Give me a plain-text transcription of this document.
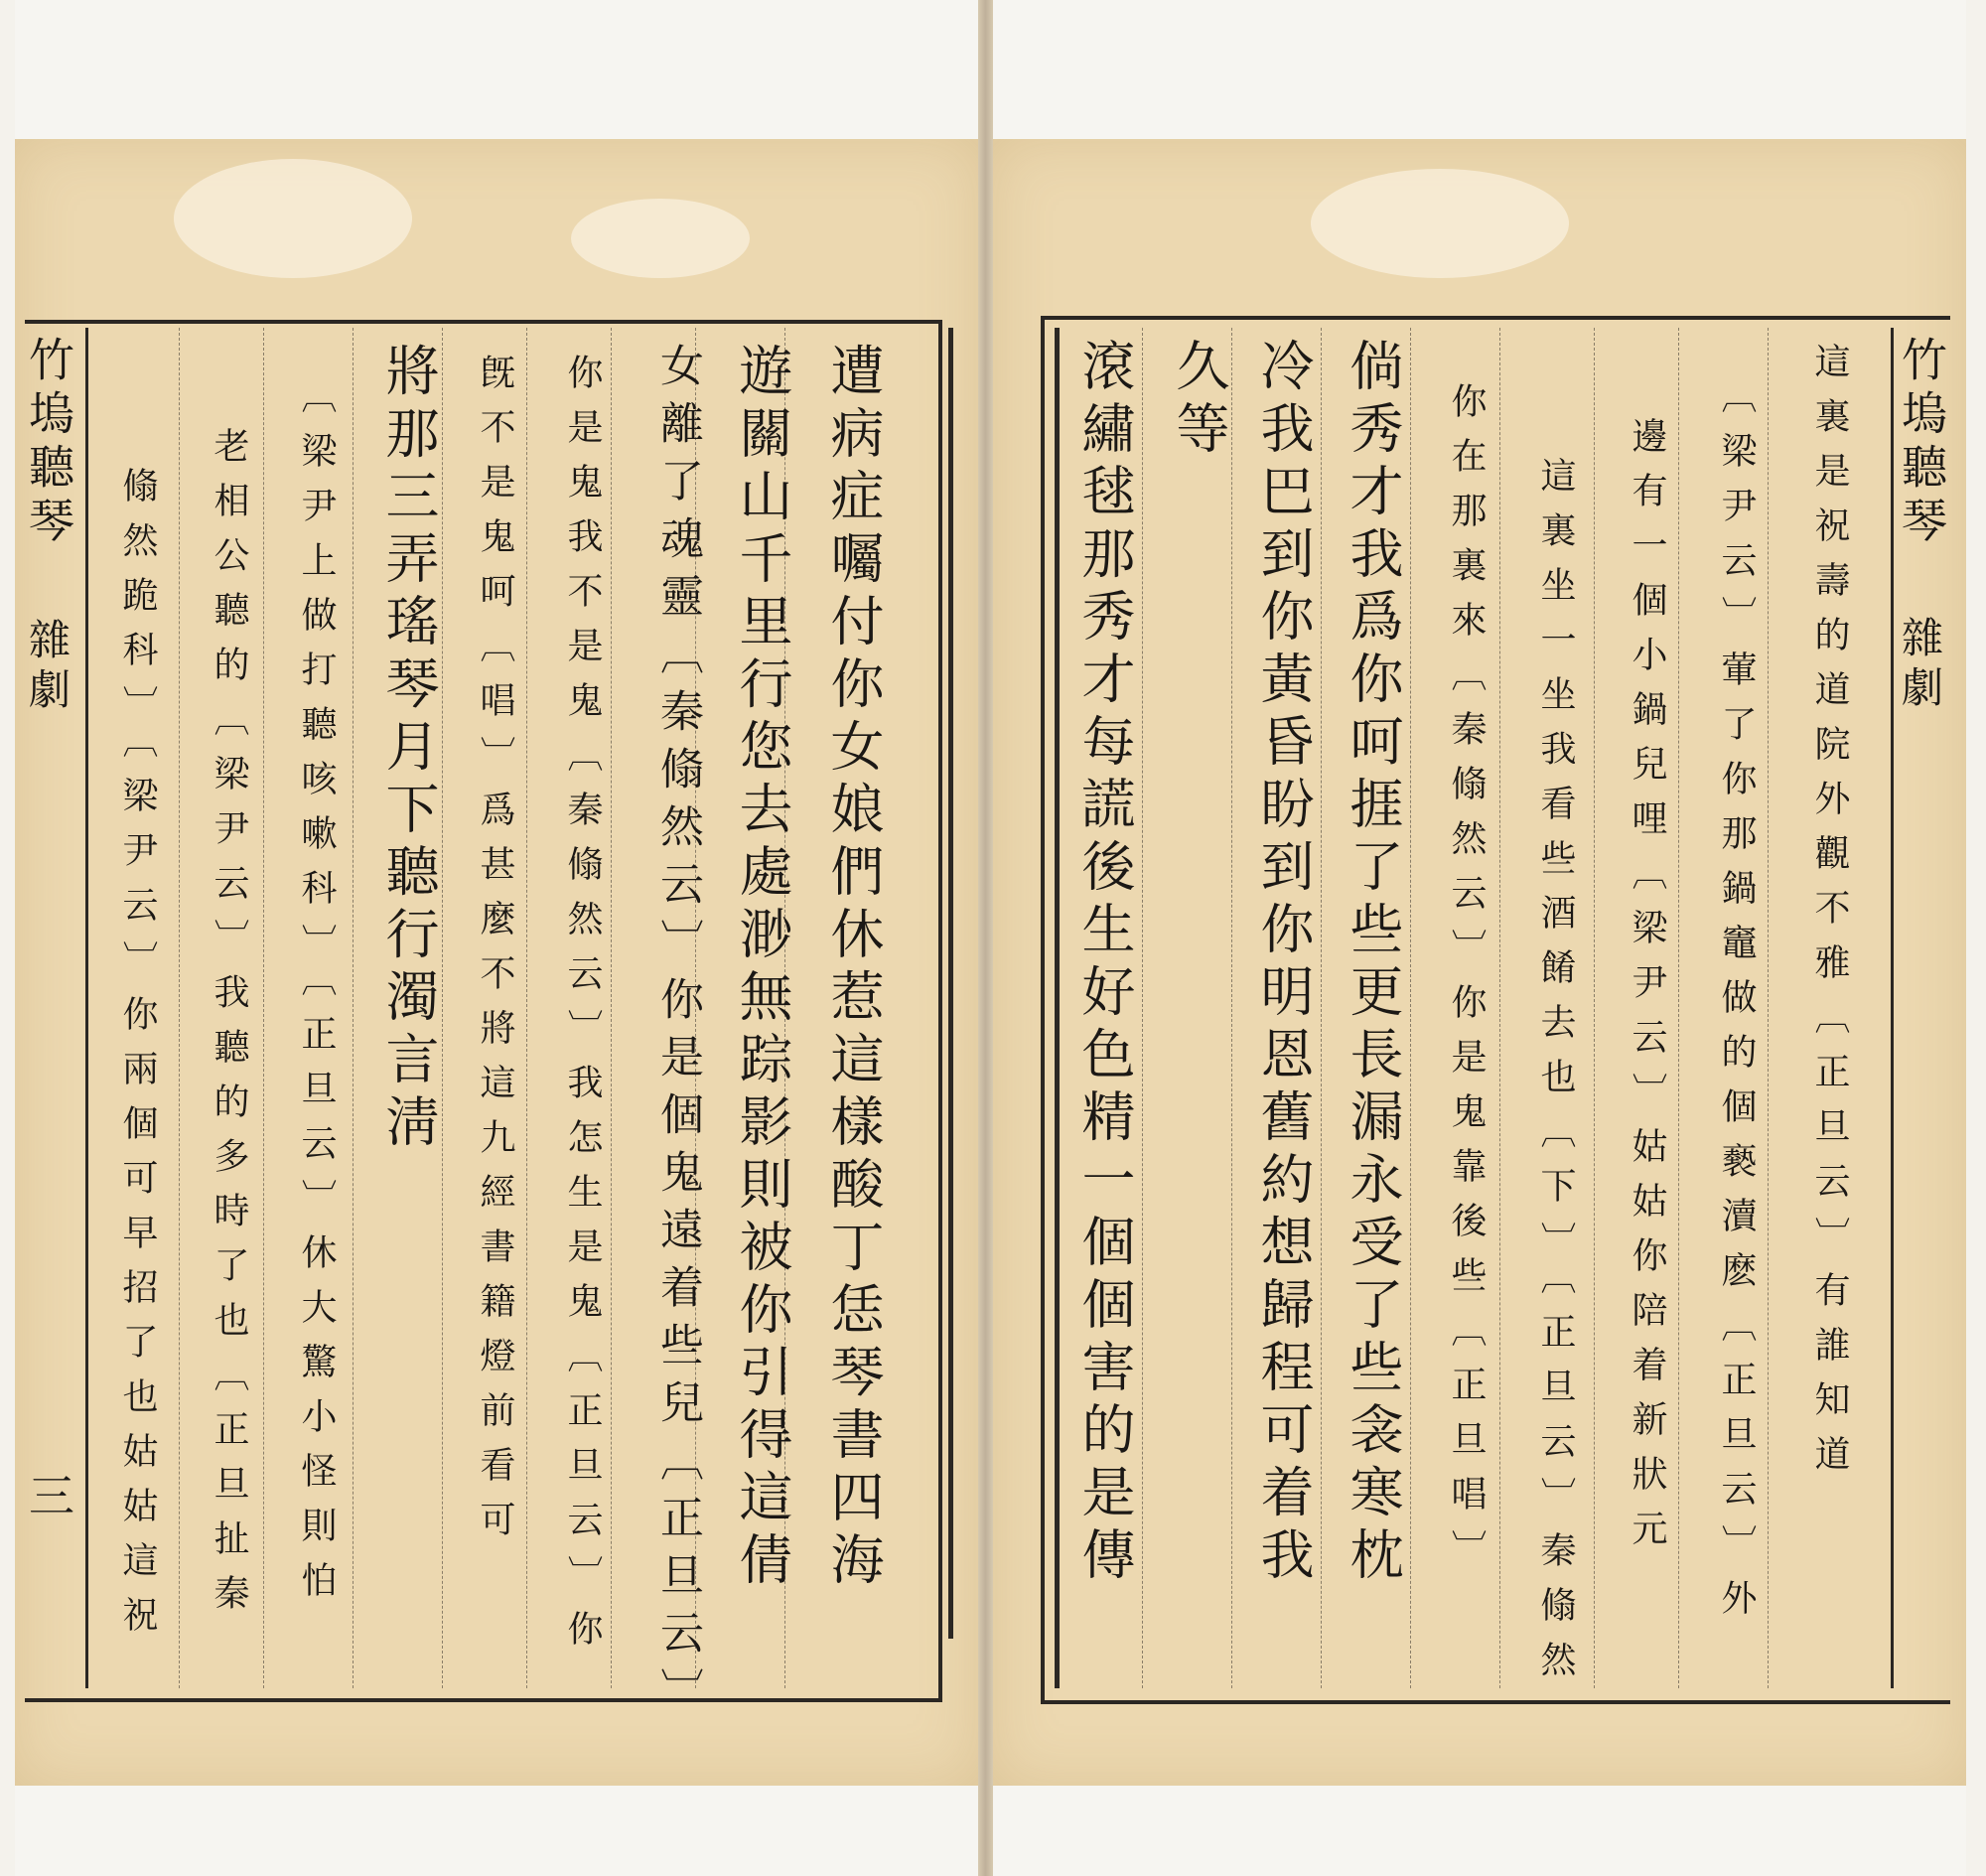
竹塢聽琴
雜劇
三
竹塢聽琴
雜劇
遭病症囑付你女娘們休惹這樣酸丁恁琴書四海
遊關山千里行您去處渺無踪影則被你引得這倩
女離了魂靈〔秦翛然云〕你是個鬼遠着些兒〔正旦云〕
你是鬼我不是鬼〔秦翛然云〕我怎生是鬼〔正旦云〕你
旣不是鬼呵〔唱〕爲甚麼不將這九經書籍燈前看可
將那三弄瑤琴月下聽行濁言淸
〔梁尹上做打聽咳嗽科〕〔正旦云〕休大驚小怪則怕
老相公聽的〔梁尹云〕我聽的多時了也〔正旦扯秦
翛然跪科〕〔梁尹云〕你兩個可早招了也姑姑這祝	這裏是祝壽的道院外觀不雅〔正旦云〕有誰知道
〔梁尹云〕葷了你那鍋竈做的個褻瀆麽〔正旦云〕外
邊有一個小鍋兒哩〔梁尹云〕姑姑你陪着新狀元
這裏坐一坐我看些酒餚去也〔下〕〔正旦云〕秦翛然
你在那裏來〔秦翛然云〕你是鬼靠後些〔正旦唱〕
倘秀才我爲你呵捱了些更長漏永受了些衾寒枕
冷我巴到你黃昏盼到你明恩舊約想歸程可着我
久等
滾繡毬那秀才每謊後生好色精一個個害的是傳
